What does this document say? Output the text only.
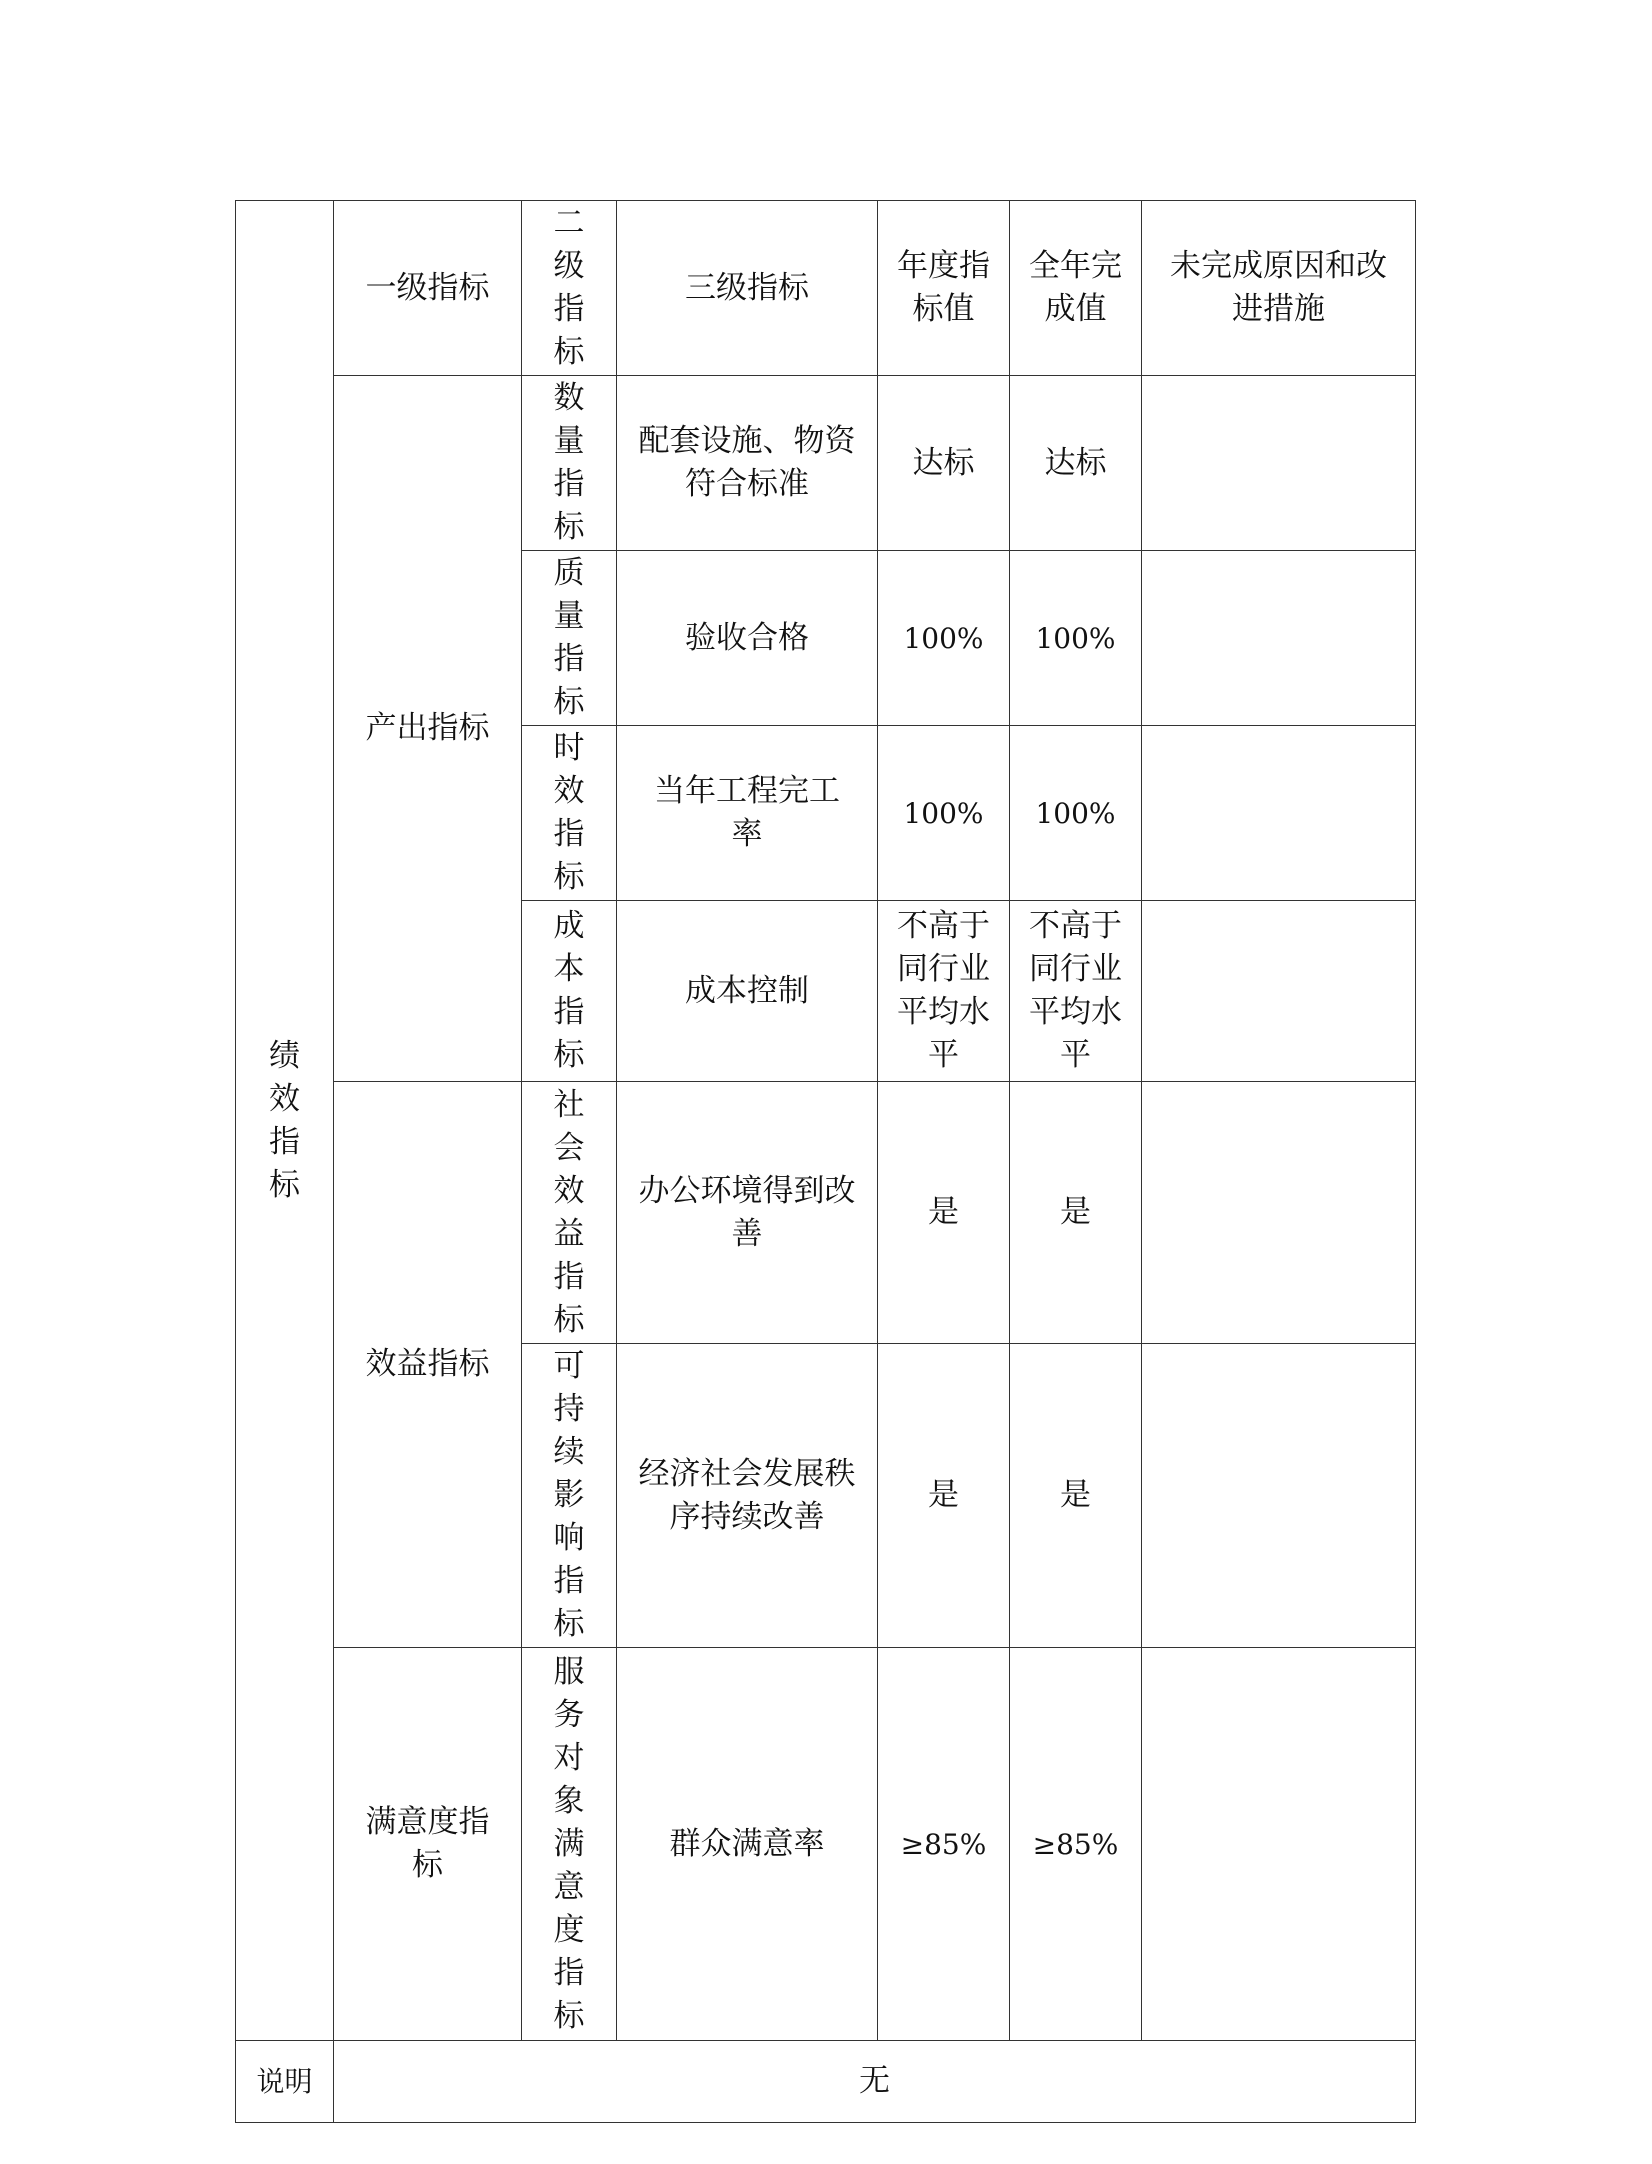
绩效指标	一级指标	二级指标	三级指标	年度指标值	全年完成值	未完成原因和改进措施

	产出指标	数量指标	配套设施、物资符合标准	达标	达标	

		质量指标	验收合格	100%	100%	

		时效指标	当年工程完工率	100%	100%	

		成本指标	成本控制	不高于同行业平均水平	不高于同行业平均水平	

	效益指标	社会效益指标	办公环境得到改善	是	是	

		可持续影响指标	经济社会发展秩序持续改善	是	是	

	满意度指标	服务对象满意度指标	群众满意率	≥85%	≥85%	

说明	无					
